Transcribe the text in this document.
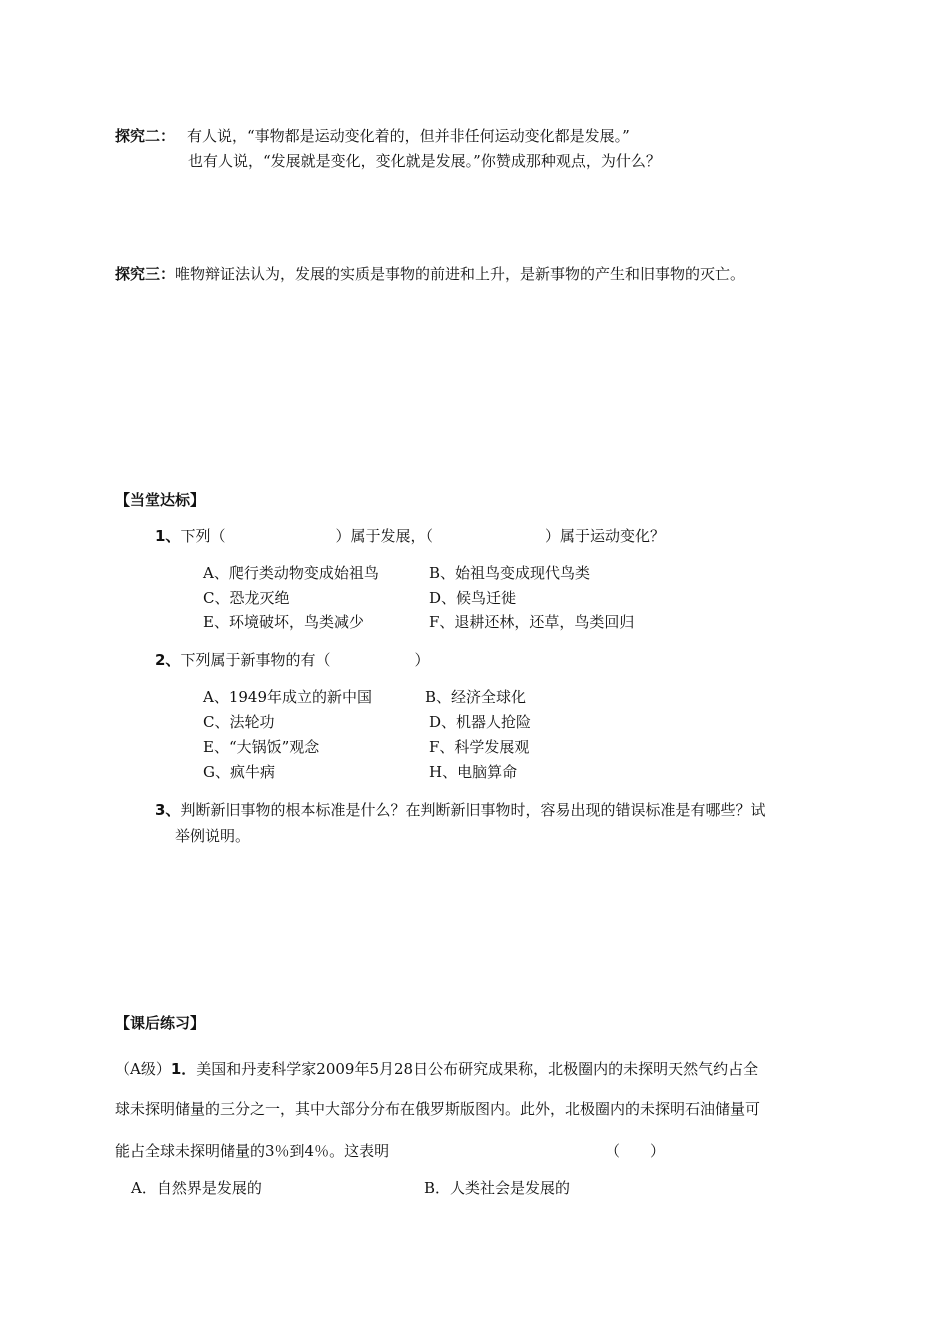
探究二： 有人说，“事物都是运动变化着的，但并非任何运动变化都是发展。”
也有人说，“发展就是变化，变化就是发展。”你赞成那种观点，为什么？
探究三：唯物辩证法认为，发展的实质是事物的前进和上升，是新事物的产生和旧事物的灭亡。
【当堂达标】
1、下列（	）属于发展，（	）属于运动变化？
A、爬行类动物变成始祖鸟	B、始祖鸟变成现代鸟类
C、恐龙灭绝	D、候鸟迁徙
E、环境破坏，鸟类减少	F、退耕还林，还草，鸟类回归
2、下列属于新事物的有（	）
A、1949年成立的新中国	B、经济全球化
C、法轮功	D、机器人抢险
E、“大锅饭”观念	F、科学发展观
G、疯牛病	H、电脑算命
3、判断新旧事物的根本标准是什么？在判断新旧事物时，容易出现的错误标准是有哪些？试
举例说明。
【课后练习】
（A级）1．美国和丹麦科学家2009年5月28日公布研究成果称，北极圈内的未探明天然气约占全
球未探明储量的三分之一，其中大部分分布在俄罗斯版图内。此外，北极圈内的未探明石油储量可
能占全球未探明储量的3％到4％。这表明	（　　）
A．自然界是发展的	B．人类社会是发展的
